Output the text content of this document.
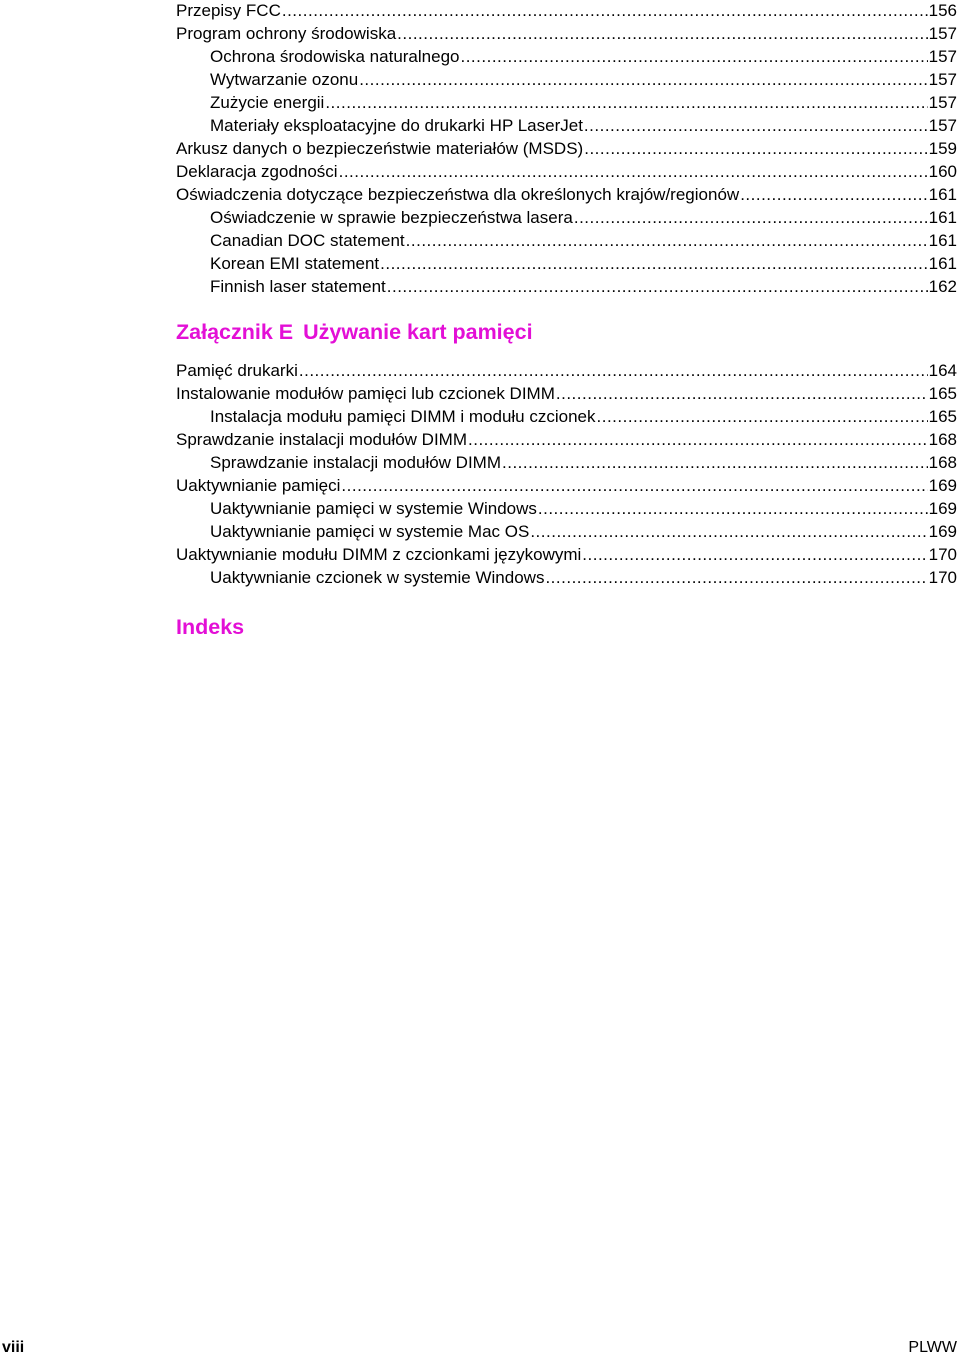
Przepisy FCC .....	156
Program ochrony środowiska .....	157
Ochrona środowiska naturalnego .....	157
Wytwarzanie ozonu .....	157
Zużycie energii .....	157
Materiały eksploatacyjne do drukarki HP LaserJet .....	157
Arkusz danych o bezpieczeństwie materiałów (MSDS) .....	159
Deklaracja zgodności .....	160
Oświadczenia dotyczące bezpieczeństwa dla określonych krajów/regionów .....	161
Oświadczenie w sprawie bezpieczeństwa lasera .....	161
Canadian DOC statement .....	161
Korean EMI statement .....	161
Finnish laser statement .....	162
Załącznik E Używanie kart pamięci
Pamięć drukarki .....	164
Instalowanie modułów pamięci lub czcionek DIMM .....	165
Instalacja modułu pamięci DIMM i modułu czcionek .....	165
Sprawdzanie instalacji modułów DIMM .....	168
Sprawdzanie instalacji modułów DIMM .....	168
Uaktywnianie pamięci .....	169
Uaktywnianie pamięci w systemie Windows .....	169
Uaktywnianie pamięci w systemie Mac OS .....	169
Uaktywnianie modułu DIMM z czcionkami językowymi .....	170
Uaktywnianie czcionek w systemie Windows .....	170
Indeks
viii	PLWW
